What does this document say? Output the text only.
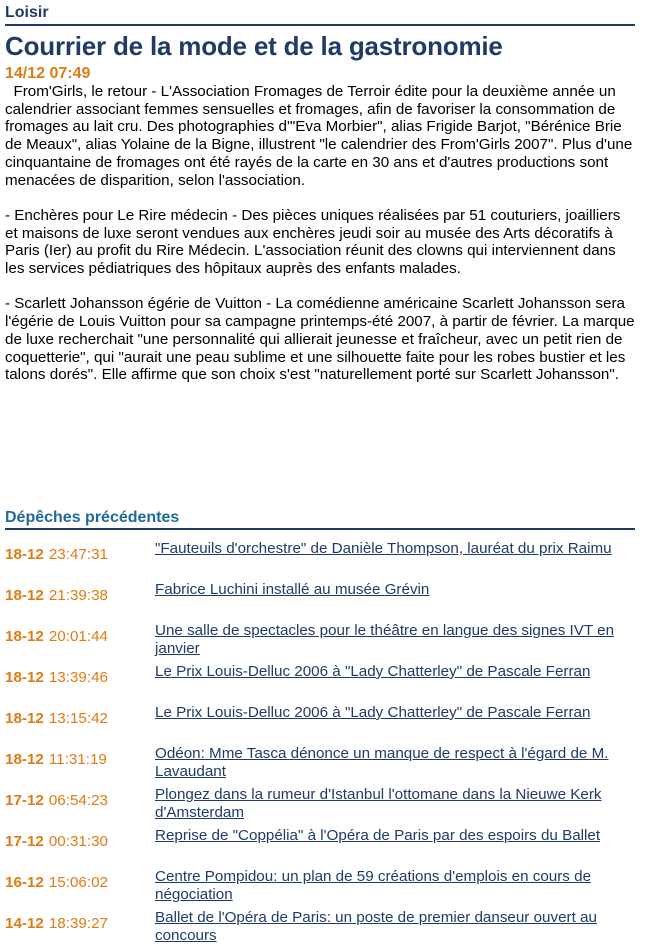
Loisir
Courrier de la mode et de la gastronomie
14/12 07:49

From'Girls, le retour - L'Association Fromages de Terroir édite pour la deuxième année un calendrier associant femmes sensuelles et fromages, afin de favoriser la consommation de fromages au lait cru. Des photographies d'"Eva Morbier", alias Frigide Barjot, "Bérénice Brie de Meaux", alias Yolaine de la Bigne, illustrent "le calendrier des From'Girls 2007". Plus d'une cinquantaine de fromages ont été rayés de la carte en 30 ans et d'autres productions sont menacées de disparition, selon l'association.

- Enchères pour Le Rire médecin - Des pièces uniques réalisées par 51 couturiers, joailliers et maisons de luxe seront vendues aux enchères jeudi soir au musée des Arts décoratifs à Paris (Ier) au profit du Rire Médecin. L'association réunit des clowns qui interviennent dans les services pédiatriques des hôpitaux auprès des enfants malades.

- Scarlett Johansson égérie de Vuitton - La comédienne américaine Scarlett Johansson sera l'égérie de Louis Vuitton pour sa campagne printemps-été 2007, à partir de février. La marque de luxe recherchait "une personnalité qui allierait jeunesse et fraîcheur, avec un petit rien de coquetterie", qui "aurait une peau sublime et une silhouette faite pour les robes bustier et les talons dorés". Elle affirme que son choix s'est "naturellement porté sur Scarlett Johansson".

Dépêches précédentes
18-12 23:47:31	"Fauteuils d'orchestre" de Danièle Thompson, lauréat du prix Raimu
18-12 21:39:38	Fabrice Luchini installé au musée Grévin
18-12 20:01:44	Une salle de spectacles pour le théâtre en langue des signes IVT en janvier
18-12 13:39:46	Le Prix Louis-Delluc 2006 à "Lady Chatterley" de Pascale Ferran
18-12 13:15:42	Le Prix Louis-Delluc 2006 à "Lady Chatterley" de Pascale Ferran
18-12 11:31:19	Odéon: Mme Tasca dénonce un manque de respect à l'égard de M. Lavaudant
17-12 06:54:23	Plongez dans la rumeur d'Istanbul l'ottomane dans la Nieuwe Kerk d'Amsterdam
17-12 00:31:30	Reprise de "Coppélia" à l'Opéra de Paris par des espoirs du Ballet
16-12 15:06:02	Centre Pompidou: un plan de 59 créations d'emplois en cours de négociation
14-12 18:39:27	Ballet de l'Opéra de Paris: un poste de premier danseur ouvert au concours
